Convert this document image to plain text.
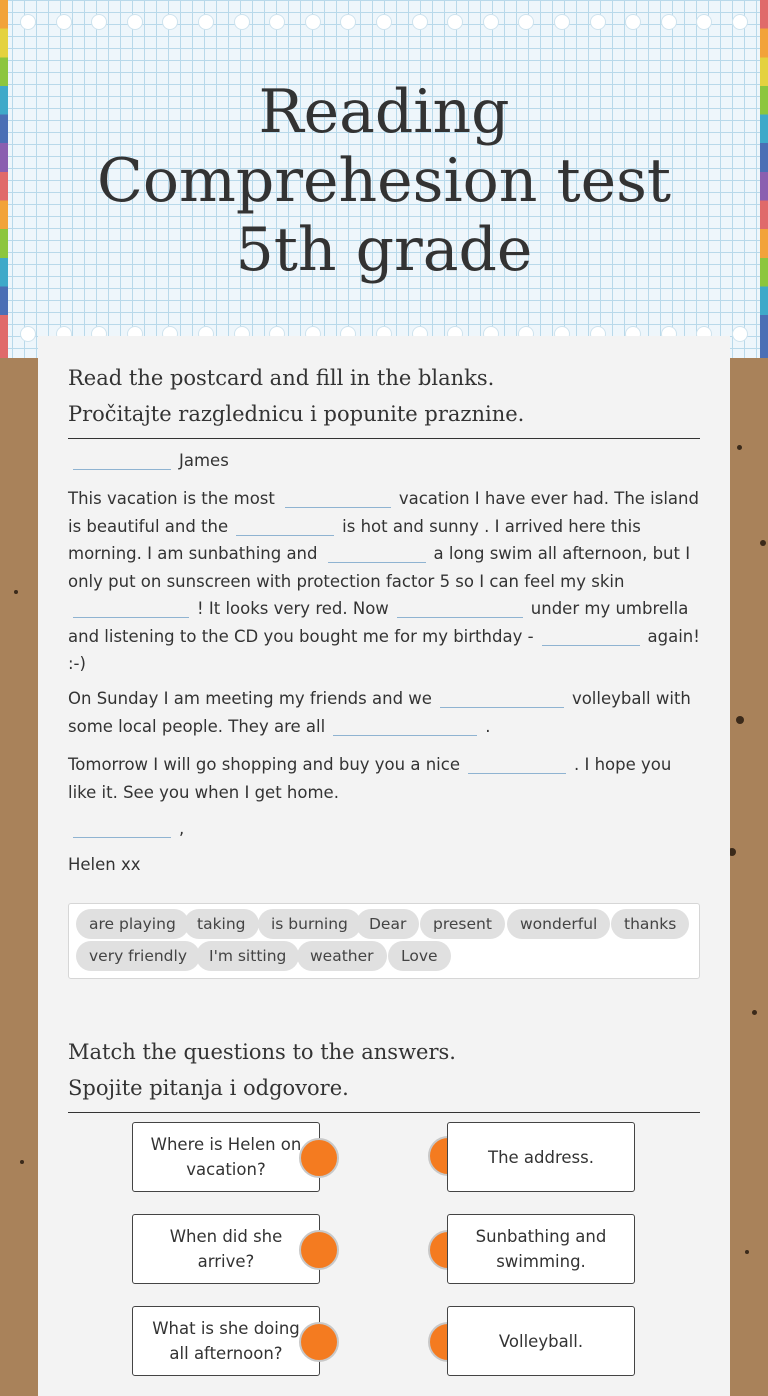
Reading
Comprehesion test
5th grade
Read the postcard and fill in the blanks.
Pročitajte razglednicu i popunite praznine.
James
This vacation is the most	vacation I have ever had. The island is beautiful and the	is hot and sunny . I arrived here this morning. I am sunbathing and	a long swim all afternoon, but I only put on sunscreen with protection factor 5 so I can feel my skin
! It looks very red. Now	under my umbrella and listening to the CD you bought me for my birthday -	again! :-)
On Sunday I am meeting my friends and we	volleyball with some local people. They are all	.
Tomorrow I will go shopping and buy you a nice	. I hope you like it. See you when I get home.
,
Helen xx
are playing	taking	is burning	Dear	present	wonderful	thanks
very friendly	I'm sitting	weather	Love
Match the questions to the answers.
Spojite pitanja i odgovore.
Where is Helen on vacation?
The address.
When did she arrive?
Sunbathing and swimming.
What is she doing all afternoon?
Volleyball.
